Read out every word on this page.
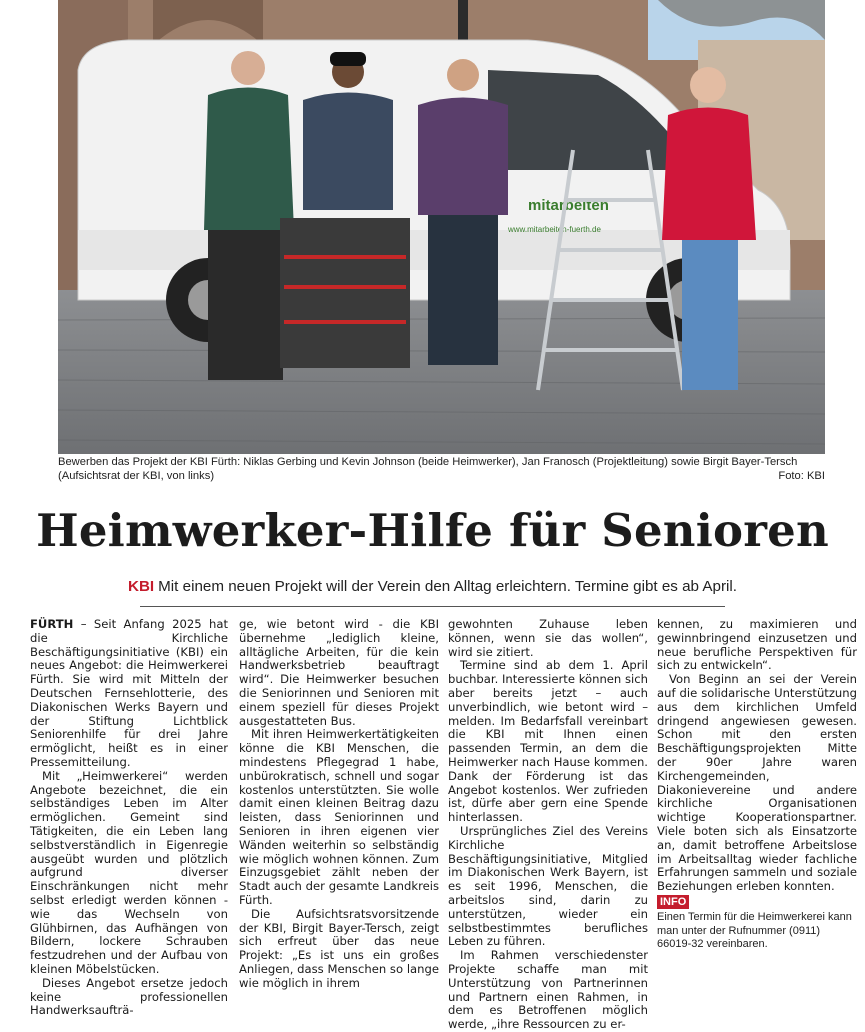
mitarbeiten
www.mitarbeiten-fuerth.de
Bewerben das Projekt der KBI Fürth: Niklas Gerbing und Kevin Johnson (beide Heimwerker), Jan Franosch (Projektleitung) sowie Birgit Bayer-Tersch (Aufsichtsrat der KBI, von links)	Foto: KBI
Heimwerker-Hilfe für Senioren
KBI Mit einem neuen Projekt will der Verein den Alltag erleichtern. Termine gibt es ab April.

FÜRTH – Seit Anfang 2025 hat die Kirchliche Beschäftigungsinitiative (KBI) ein neues Angebot: die Heimwerkerei Fürth. Sie wird mit Mitteln der Deutschen Fernsehlotterie, des Diakonischen Werks Bayern und der Stiftung Lichtblick Seniorenhilfe für drei Jahre ermöglicht, heißt es in einer Pressemitteilung.

Mit „Heimwerkerei“ werden Angebote bezeichnet, die ein selbständiges Leben im Alter ermöglichen. Gemeint sind Tätigkeiten, die ein Leben lang selbstverständlich in Eigenregie ausgeübt wurden und plötzlich aufgrund diverser Einschränkungen nicht mehr selbst erledigt werden können - wie das Wechseln von Glühbirnen, das Aufhängen von Bildern, lockere Schrauben festzudrehen und der Aufbau von kleinen Möbelstücken.

Dieses Angebot ersetze jedoch keine professionellen Handwerksaufträ-

ge, wie betont wird - die KBI übernehme „lediglich kleine, alltägliche Arbeiten, für die kein Handwerksbetrieb beauftragt wird“. Die Heimwerker besuchen die Seniorinnen und Senioren mit einem speziell für dieses Projekt ausgestatteten Bus.

Mit ihren Heimwerkertätigkeiten könne die KBI Menschen, die mindestens Pflegegrad 1 habe, unbürokratisch, schnell und sogar kostenlos unterstützten. Sie wolle damit einen kleinen Beitrag dazu leisten, dass Seniorinnen und Senioren in ihren eigenen vier Wänden weiterhin so selbständig wie möglich wohnen können. Zum Einzugsgebiet zählt neben der Stadt auch der gesamte Landkreis Fürth.

Die Aufsichtsratsvorsitzende der KBI, Birgit Bayer-Tersch, zeigt sich erfreut über das neue Projekt: „Es ist uns ein großes Anliegen, dass Menschen so lange wie möglich in ihrem

gewohnten Zuhause leben können, wenn sie das wollen“, wird sie zitiert.

Termine sind ab dem 1. April buchbar. Interessierte können sich aber bereits jetzt – auch unverbindlich, wie betont wird – melden. Im Bedarfsfall vereinbart die KBI mit Ihnen einen passenden Termin, an dem die Heimwerker nach Hause kommen. Dank der Förderung ist das Angebot kostenlos. Wer zufrieden ist, dürfe aber gern eine Spende hinterlassen.

Ursprüngliches Ziel des Vereins Kirchliche Beschäftigungsinitiative, Mitglied im Diakonischen Werk Bayern, ist es seit 1996, Menschen, die arbeitslos sind, darin zu unterstützen, wieder ein selbstbestimmtes berufliches Leben zu führen.

Im Rahmen verschiedenster Projekte schaffe man mit Unterstützung von Partnerinnen und Partnern einen Rahmen, in dem es Betroffenen möglich werde, „ihre Ressourcen zu er-

kennen, zu maximieren und gewinnbringend einzusetzen und neue berufliche Perspektiven für sich zu entwickeln“.

Von Beginn an sei der Verein auf die solidarische Unterstützung aus dem kirchlichen Umfeld dringend angewiesen gewesen. Schon mit den ersten Beschäftigungsprojekten Mitte der 90er Jahre waren Kirchengemeinden, Diakonievereine und andere kirchliche Organisationen wichtige Kooperationspartner. Viele boten sich als Einsatzorte an, damit betroffene Arbeitslose im Arbeitsalltag wieder fachliche Erfahrungen sammeln und soziale Beziehungen erleben konnten.

INFO
Einen Termin für die Heimwerkerei kann man unter der Rufnummer (0911) 66019-32 vereinbaren.
